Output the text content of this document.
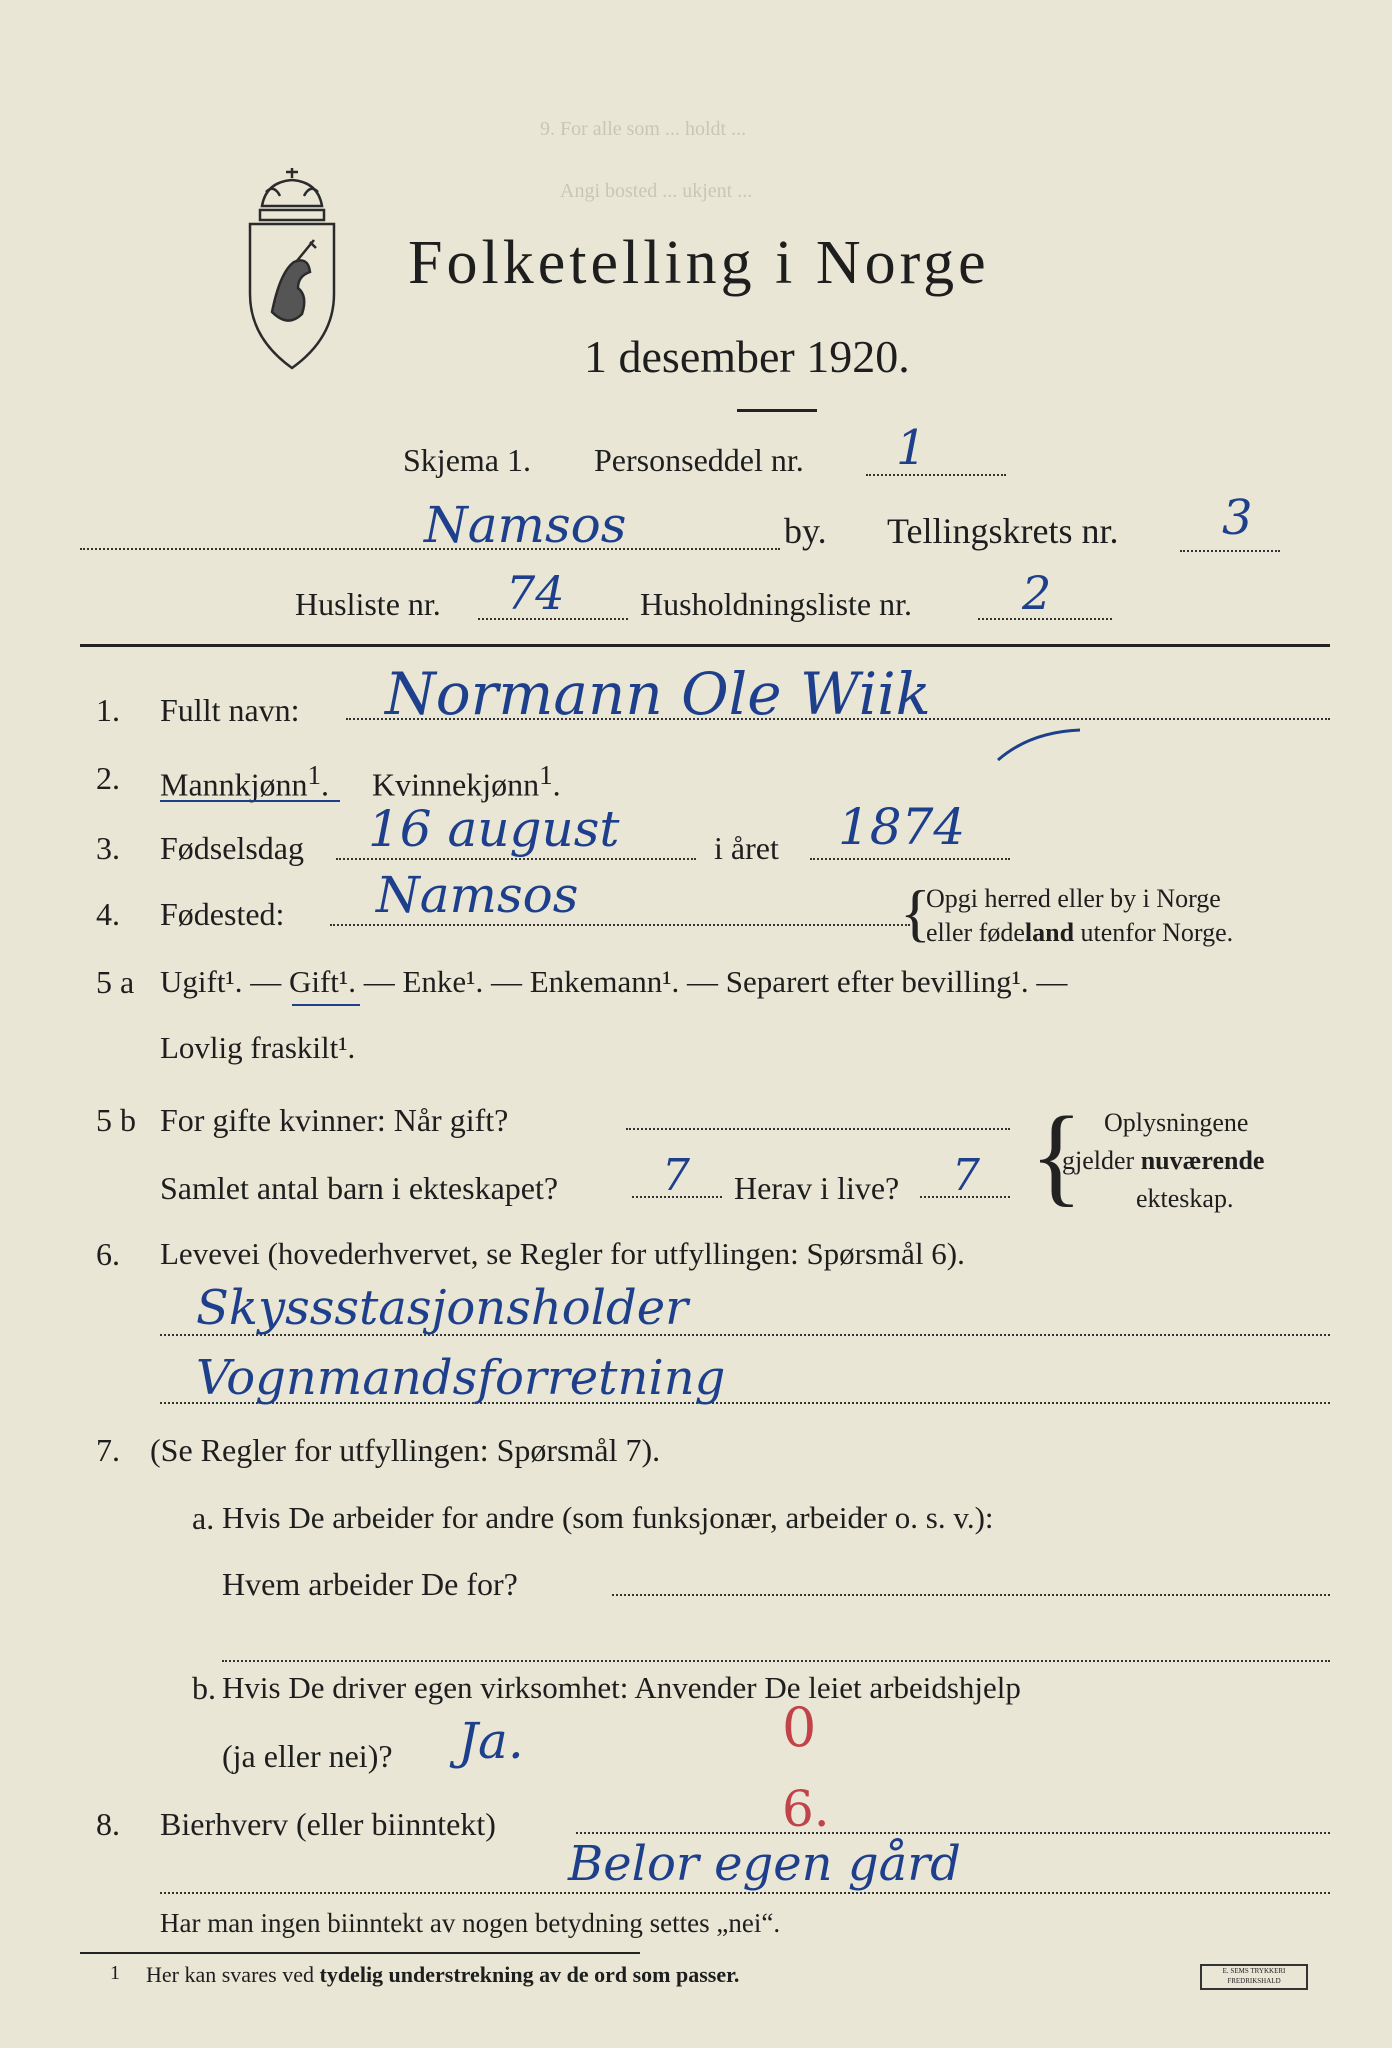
9. For alle som ... holdt ...
Angi bosted ... ukjent ...
Folketelling i Norge
1 desember 1920.
Skjema 1. Personseddel nr. 1
Namsos	by. Tellingskrets nr. 3
Husliste nr. 74 Husholdningsliste nr. 2
1. Fullt navn: Normann Ole Wiik
2. Mannkjønn$^1$. Kvinnekjønn$^1$.
3. Fødselsdag 16 august	i året 1874
4. Fødested: Namsos	{
Opgi herred eller by i Norge
eller fødeland utenfor Norge.
5 a Ugift¹. — Gift¹. — Enke¹. — Enkemann¹. — Separert efter bevilling¹. —
Lovlig fraskilt¹.
5 b For gifte kvinner: Når gift?
Samlet antal barn i ekteskapet? 7 Herav i live? 7 { Oplysningene
gjelder nuværende
ekteskap.
6. Levevei (hovederhvervet, se Regler for utfyllingen: Spørsmål 6).
Skyssstasjonsholder
Vognmandsforretning
7. (Se Regler for utfyllingen: Spørsmål 7).
a. Hvis De arbeider for andre (som funksjonær, arbeider o. s. v.):
Hvem arbeider De for?
b. Hvis De driver egen virksomhet: Anvender De leiet arbeidshjelp
(ja eller nei)? Ja.	0
8. Bierhverv (eller biinntekt)	6.
Belor egen gård
Har man ingen biinntekt av nogen betydning settes „nei“.
1 Her kan svares ved tydelig understrekning av de ord som passer.	E. SEMS TRYKKERI FREDRIKSHALD
